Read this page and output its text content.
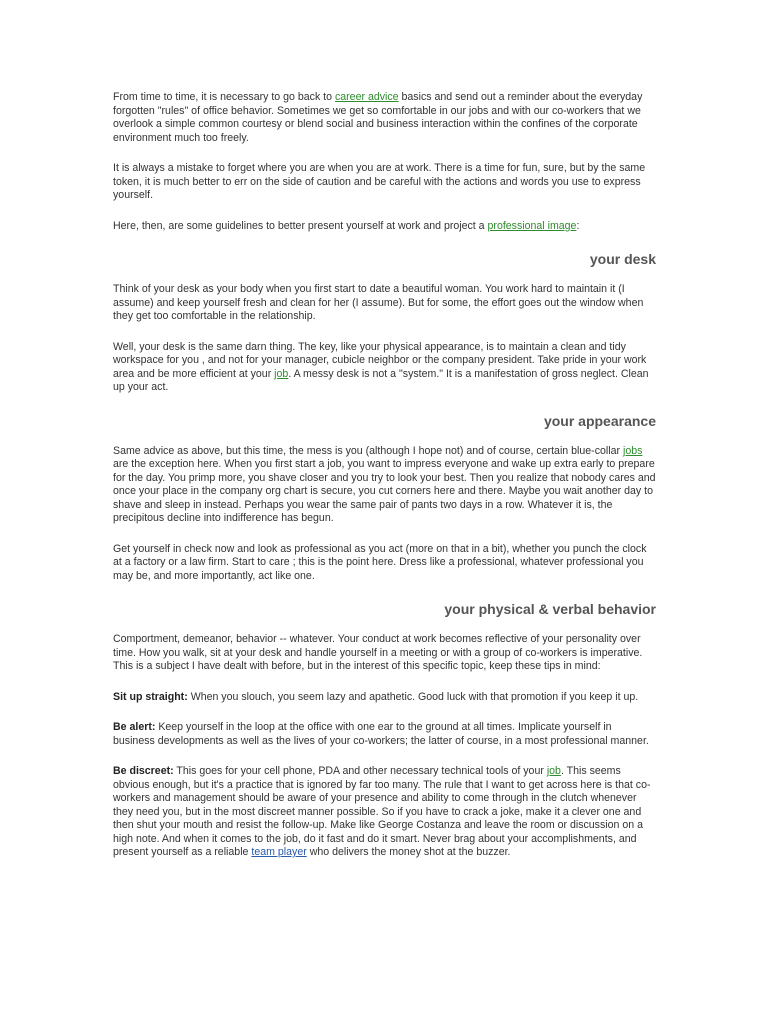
From time to time, it is necessary to go back to career advice basics and send out a reminder about the everyday forgotten "rules" of office behavior. Sometimes we get so comfortable in our jobs and with our co-workers that we overlook a simple common courtesy or blend social and business interaction within the confines of the corporate environment much too freely.

It is always a mistake to forget where you are when you are at work. There is a time for fun, sure, but by the same token, it is much better to err on the side of caution and be careful with the actions and words you use to express yourself.

Here, then, are some guidelines to better present yourself at work and project a professional image:

your desk

Think of your desk as your body when you first start to date a beautiful woman. You work hard to maintain it (I assume) and keep yourself fresh and clean for her (I assume). But for some, the effort goes out the window when they get too comfortable in the relationship.

Well, your desk is the same darn thing. The key, like your physical appearance, is to maintain a clean and tidy workspace for you , and not for your manager, cubicle neighbor or the company president. Take pride in your work area and be more efficient at your job. A messy desk is not a "system." It is a manifestation of gross neglect. Clean up your act.

your appearance

Same advice as above, but this time, the mess is you (although I hope not) and of course, certain blue-collar jobs are the exception here. When you first start a job, you want to impress everyone and wake up extra early to prepare for the day. You primp more, you shave closer and you try to look your best. Then you realize that nobody cares and once your place in the company org chart is secure, you cut corners here and there. Maybe you wait another day to shave and sleep in instead. Perhaps you wear the same pair of pants two days in a row. Whatever it is, the precipitous decline into indifference has begun.

Get yourself in check now and look as professional as you act (more on that in a bit), whether you punch the clock at a factory or a law firm. Start to care ; this is the point here. Dress like a professional, whatever professional you may be, and more importantly, act like one.

your physical & verbal behavior

Comportment, demeanor, behavior -- whatever. Your conduct at work becomes reflective of your personality over time. How you walk, sit at your desk and handle yourself in a meeting or with a group of co-workers is imperative. This is a subject I have dealt with before, but in the interest of this specific topic, keep these tips in mind:

Sit up straight: When you slouch, you seem lazy and apathetic. Good luck with that promotion if you keep it up.

Be alert: Keep yourself in the loop at the office with one ear to the ground at all times. Implicate yourself in business developments as well as the lives of your co-workers; the latter of course, in a most professional manner.

Be discreet: This goes for your cell phone, PDA and other necessary technical tools of your job. This seems obvious enough, but it's a practice that is ignored by far too many. The rule that I want to get across here is that co-workers and management should be aware of your presence and ability to come through in the clutch whenever they need you, but in the most discreet manner possible. So if you have to crack a joke, make it a clever one and then shut your mouth and resist the follow-up. Make like George Costanza and leave the room or discussion on a high note. And when it comes to the job, do it fast and do it smart. Never brag about your accomplishments, and present yourself as a reliable team player who delivers the money shot at the buzzer.
